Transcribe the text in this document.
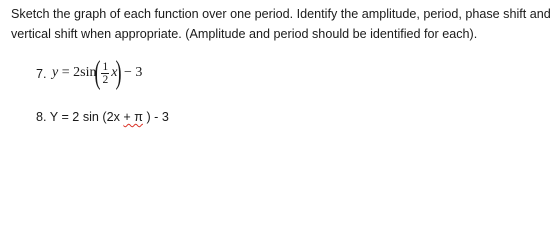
Sketch the graph of each function over one period. Identify the amplitude, period, phase shift and vertical shift when appropriate. (Amplitude and period should be identified for each).

7. y = 2 sin
( $\frac{1}{2}$ x
)
− 3
8. Y = 2 sin (2x + π ) - 3
